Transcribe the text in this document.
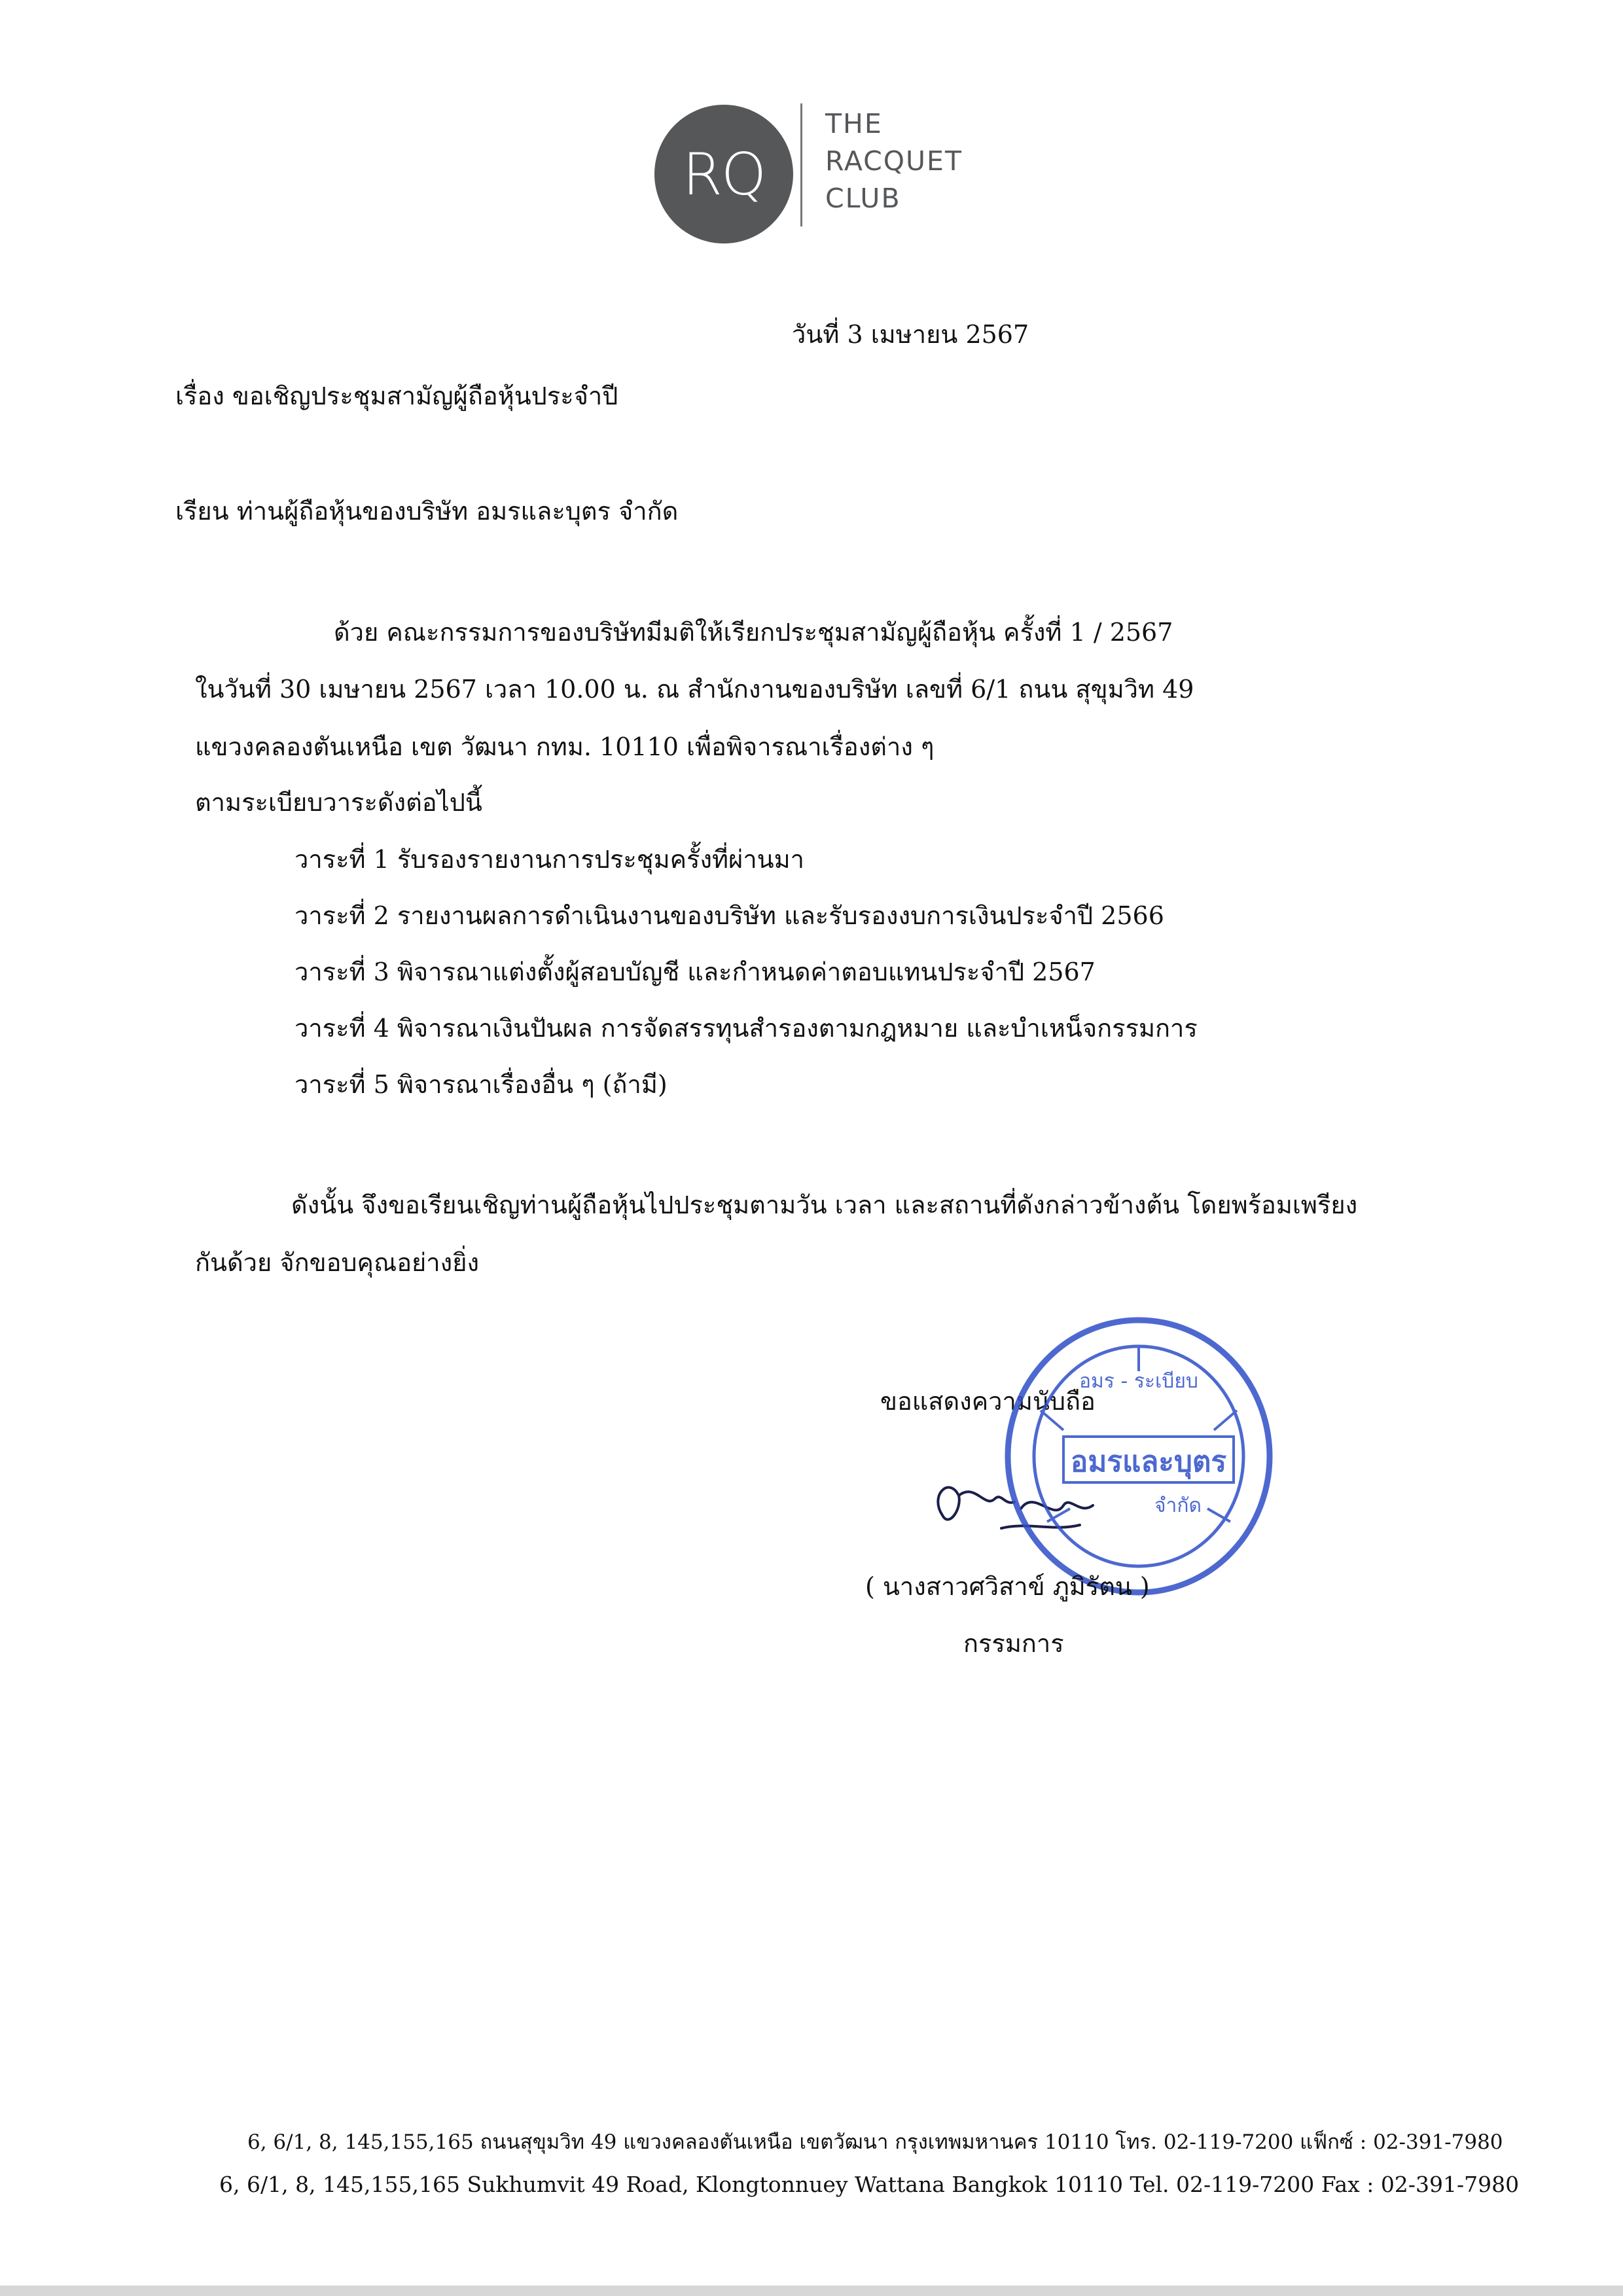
RQ
THE
RACQUET
CLUB
วันที่ 3 เมษายน 2567
เรื่อง ขอเชิญประชุมสามัญผู้ถือหุ้นประจำปี
เรียน ท่านผู้ถือหุ้นของบริษัท อมรและบุตร จำกัด
ด้วย คณะกรรมการของบริษัทมีมติให้เรียกประชุมสามัญผู้ถือหุ้น ครั้งที่ 1 / 2567
ในวันที่ 30 เมษายน 2567 เวลา 10.00 น. ณ สำนักงานของบริษัท เลขที่ 6/1 ถนน สุขุมวิท 49
แขวงคลองตันเหนือ เขต วัฒนา กทม. 10110 เพื่อพิจารณาเรื่องต่าง ๆ
ตามระเบียบวาระดังต่อไปนี้
วาระที่ 1 รับรองรายงานการประชุมครั้งที่ผ่านมา
วาระที่ 2 รายงานผลการดำเนินงานของบริษัท และรับรองงบการเงินประจำปี 2566
วาระที่ 3 พิจารณาแต่งตั้งผู้สอบบัญชี และกำหนดค่าตอบแทนประจำปี 2567
วาระที่ 4 พิจารณาเงินปันผล การจัดสรรทุนสำรองตามกฎหมาย และบำเหน็จกรรมการ
วาระที่ 5 พิจารณาเรื่องอื่น ๆ (ถ้ามี)
ดังนั้น จึงขอเรียนเชิญท่านผู้ถือหุ้นไปประชุมตามวัน เวลา และสถานที่ดังกล่าวข้างต้น โดยพร้อมเพรียง
กันด้วย จักขอบคุณอย่างยิ่ง
ขอแสดงความนับถือ
อมร - ระเบียบ
อมรและบุตร
จำกัด
( นางสาวศวิสาข์ ภูมิรัตน )
กรรมการ
6, 6/1, 8, 145,155,165 ถนนสุขุมวิท 49 แขวงคลองตันเหนือ เขตวัฒนา กรุงเทพมหานคร 10110 โทร. 02-119-7200 แฟ็กซ์ : 02-391-7980
6, 6/1, 8, 145,155,165 Sukhumvit 49 Road, Klongtonnuey Wattana Bangkok 10110 Tel. 02-119-7200 Fax : 02-391-7980
